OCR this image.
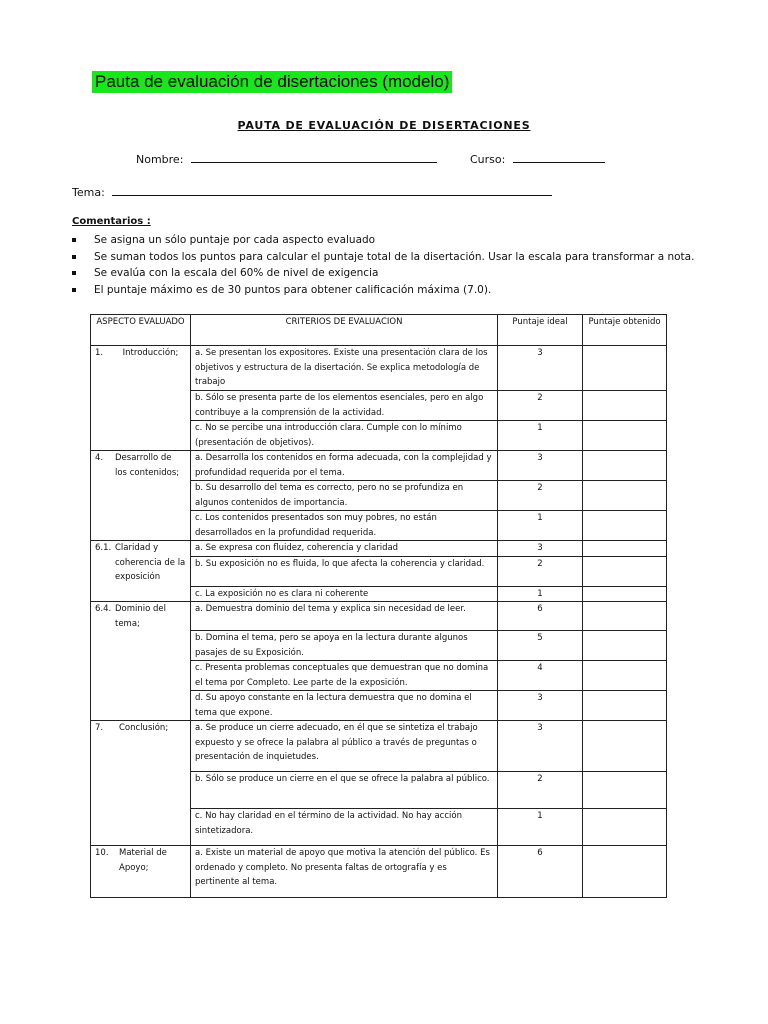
Pauta de evaluación de disertaciones (modelo)
PAUTA DE EVALUACIÓN DE DISERTACIONES
Nombre:	Curso:
Tema:
Comentarios :
Se asigna un sólo puntaje por cada aspecto evaluado
Se suman todos los puntos para calcular el puntaje total de la disertación. Usar la escala para transformar a nota.
Se evalúa con la escala del 60% de nivel de exigencia
El puntaje máximo es de 30 puntos para obtener calificación máxima (7.0).
ASPECTO EVALUADO	CRITERIOS DE EVALUACION	Puntaje ideal	Puntaje obtenido

1. Introducción;	a. Se presentan los expositores. Existe una presentación clara de los objetivos y estructura de la disertación. Se explica metodología de trabajo	3	
	b. Sólo se presenta parte de los elementos esenciales, pero en algo contribuye a la comprensión de la actividad.	2	
	c. No se percibe una introducción clara. Cumple con lo mínimo (presentación de objetivos).	1	

4. Desarrollo de los contenidos;	a. Desarrolla los contenidos en forma adecuada, con la complejidad y profundidad requerida por el tema.	3	
	b. Su desarrollo del tema es correcto, pero no se profundiza en algunos contenidos de importancia.	2	
	c. Los contenidos presentados son muy pobres, no están desarrollados en la profundidad requerida.	1	

6.1. Claridad y coherencia de la exposición	a. Se expresa con fluidez, coherencia y claridad	3	
	b. Su exposición no es fluida, lo que afecta la coherencia y claridad.	2	
	c. La exposición no es clara ni coherente	1	

6.4. Dominio del tema;	a. Demuestra dominio del tema y explica sin necesidad de leer.	6	
	b. Domina el tema, pero se apoya en la lectura durante algunos pasajes de su Exposición.	5	
	c. Presenta problemas conceptuales que demuestran que no domina el tema por Completo. Lee parte de la exposición.	4	
	d. Su apoyo constante en la lectura demuestra que no domina el tema que expone.	3	

7. Conclusión;	a. Se produce un cierre adecuado, en él que se sintetiza el trabajo expuesto y se ofrece la palabra al público a través de preguntas o presentación de inquietudes.	3	
	b. Sólo se produce un cierre en el que se ofrece la palabra al público.	2	
	c. No hay claridad en el término de la actividad. No hay acción sintetizadora.	1	

10. Material de Apoyo;	a. Existe un material de apoyo que motiva la atención del público. Es ordenado y completo. No presenta faltas de ortografía y es pertinente al tema.	6	
